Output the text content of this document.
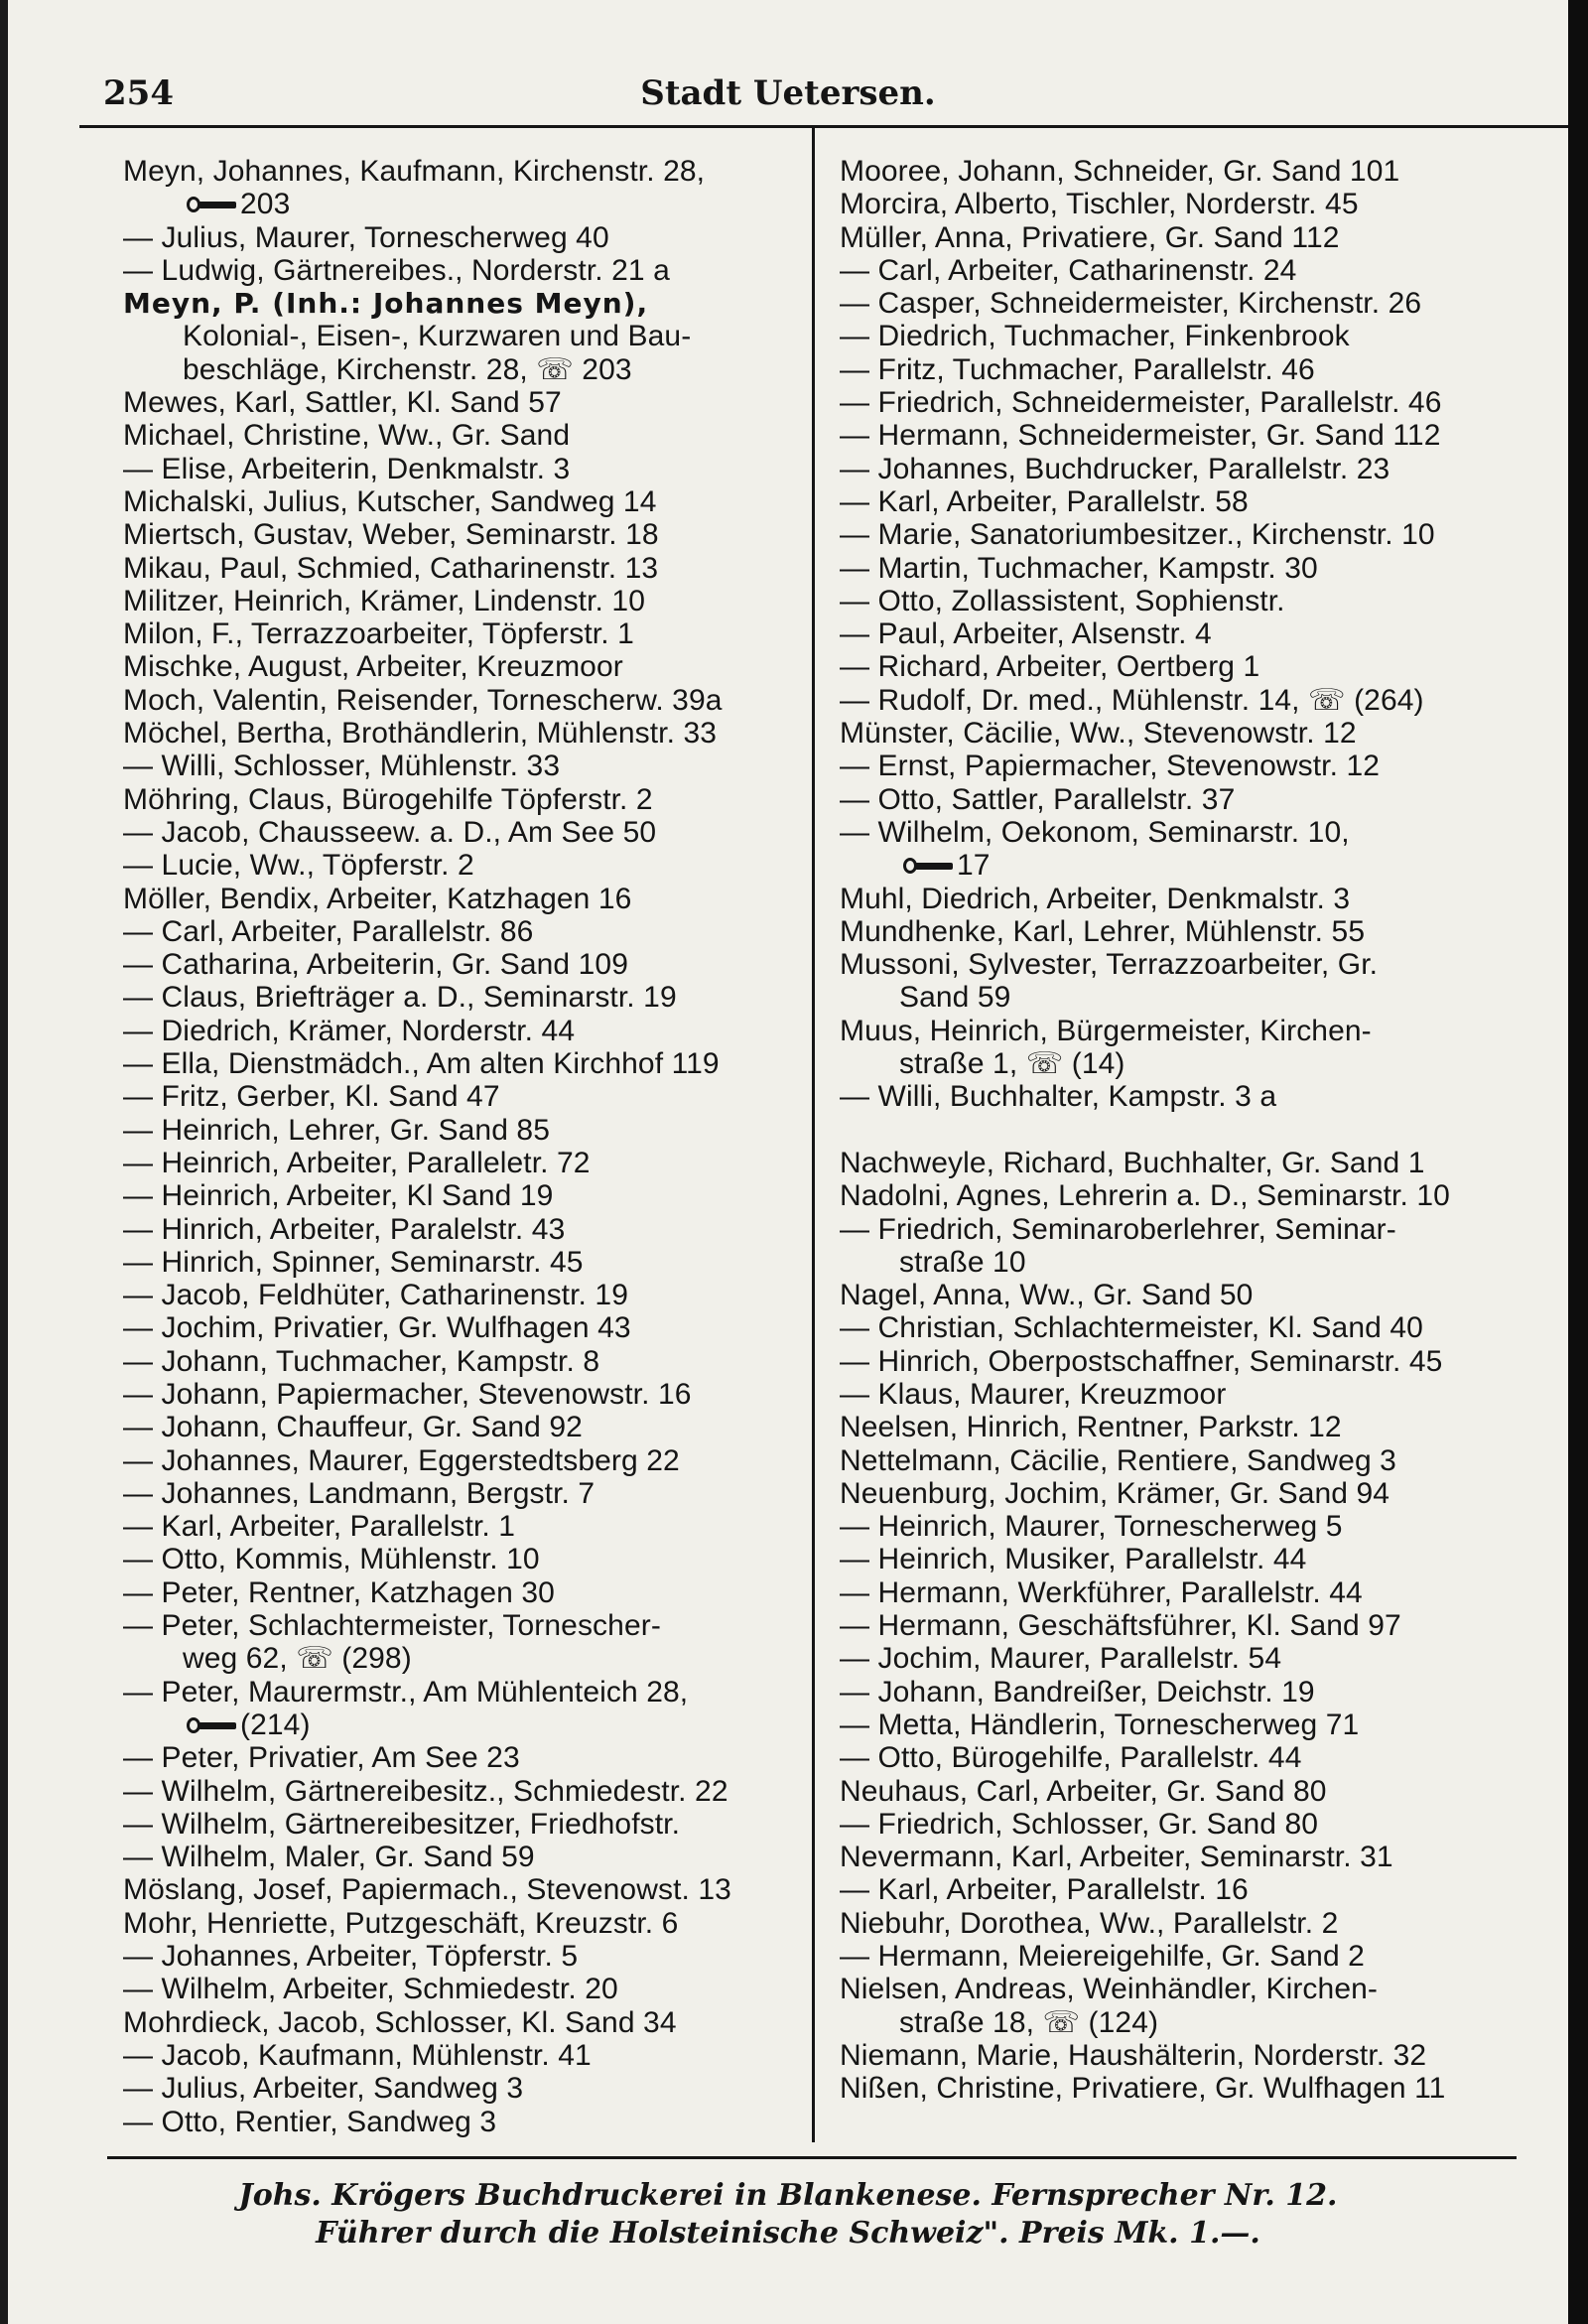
254	Stadt Uetersen.
Meyn, Johannes, Kaufmann, Kirchenstr. 28,
203
— Julius, Maurer, Tornescherweg 40
— Ludwig, Gärtnereibes., Norderstr. 21 a
Meyn, P. (Inh.: Johannes Meyn),
Kolonial-, Eisen-, Kurzwaren und Bau-
beschläge, Kirchenstr. 28, ☏ 203
Mewes, Karl, Sattler, Kl. Sand 57
Michael, Christine, Ww., Gr. Sand
— Elise, Arbeiterin, Denkmalstr. 3
Michalski, Julius, Kutscher, Sandweg 14
Miertsch, Gustav, Weber, Seminarstr. 18
Mikau, Paul, Schmied, Catharinenstr. 13
Militzer, Heinrich, Krämer, Lindenstr. 10
Milon, F., Terrazzoarbeiter, Töpferstr. 1
Mischke, August, Arbeiter, Kreuzmoor
Moch, Valentin, Reisender, Tornescherw. 39a
Möchel, Bertha, Brothändlerin, Mühlenstr. 33
— Willi, Schlosser, Mühlenstr. 33
Möhring, Claus, Bürogehilfe Töpferstr. 2
— Jacob, Chausseew. a. D., Am See 50
— Lucie, Ww., Töpferstr. 2
Möller, Bendix, Arbeiter, Katzhagen 16
— Carl, Arbeiter, Parallelstr. 86
— Catharina, Arbeiterin, Gr. Sand 109
— Claus, Briefträger a. D., Seminarstr. 19
— Diedrich, Krämer, Norderstr. 44
— Ella, Dienstmädch., Am alten Kirchhof 119
— Fritz, Gerber, Kl. Sand 47
— Heinrich, Lehrer, Gr. Sand 85
— Heinrich, Arbeiter, Paralleletr. 72
— Heinrich, Arbeiter, Kl Sand 19
— Hinrich, Arbeiter, Paralelstr. 43
— Hinrich, Spinner, Seminarstr. 45
— Jacob, Feldhüter, Catharinenstr. 19
— Jochim, Privatier, Gr. Wulfhagen 43
— Johann, Tuchmacher, Kampstr. 8
— Johann, Papiermacher, Stevenowstr. 16
— Johann, Chauffeur, Gr. Sand 92
— Johannes, Maurer, Eggerstedtsberg 22
— Johannes, Landmann, Bergstr. 7
— Karl, Arbeiter, Parallelstr. 1
— Otto, Kommis, Mühlenstr. 10
— Peter, Rentner, Katzhagen 30
— Peter, Schlachtermeister, Tornescher-
weg 62, ☏ (298)
— Peter, Maurermstr., Am Mühlenteich 28,
(214)
— Peter, Privatier, Am See 23
— Wilhelm, Gärtnereibesitz., Schmiedestr. 22
— Wilhelm, Gärtnereibesitzer, Friedhofstr.
— Wilhelm, Maler, Gr. Sand 59
Möslang, Josef, Papiermach., Stevenowst. 13
Mohr, Henriette, Putzgeschäft, Kreuzstr. 6
— Johannes, Arbeiter, Töpferstr. 5
— Wilhelm, Arbeiter, Schmiedestr. 20
Mohrdieck, Jacob, Schlosser, Kl. Sand 34
— Jacob, Kaufmann, Mühlenstr. 41
— Julius, Arbeiter, Sandweg 3
— Otto, Rentier, Sandweg 3
Mooree, Johann, Schneider, Gr. Sand 101
Morcira, Alberto, Tischler, Norderstr. 45
Müller, Anna, Privatiere, Gr. Sand 112
— Carl, Arbeiter, Catharinenstr. 24
— Casper, Schneidermeister, Kirchenstr. 26
— Diedrich, Tuchmacher, Finkenbrook
— Fritz, Tuchmacher, Parallelstr. 46
— Friedrich, Schneidermeister, Parallelstr. 46
— Hermann, Schneidermeister, Gr. Sand 112
— Johannes, Buchdrucker, Parallelstr. 23
— Karl, Arbeiter, Parallelstr. 58
— Marie, Sanatoriumbesitzer., Kirchenstr. 10
— Martin, Tuchmacher, Kampstr. 30
— Otto, Zollassistent, Sophienstr.
— Paul, Arbeiter, Alsenstr. 4
— Richard, Arbeiter, Oertberg 1
— Rudolf, Dr. med., Mühlenstr. 14, ☏ (264)
Münster, Cäcilie, Ww., Stevenowstr. 12
— Ernst, Papiermacher, Stevenowstr. 12
— Otto, Sattler, Parallelstr. 37
— Wilhelm, Oekonom, Seminarstr. 10,
17
Muhl, Diedrich, Arbeiter, Denkmalstr. 3
Mundhenke, Karl, Lehrer, Mühlenstr. 55
Mussoni, Sylvester, Terrazzoarbeiter, Gr.
Sand 59
Muus, Heinrich, Bürgermeister, Kirchen-
straße 1, ☏ (14)
— Willi, Buchhalter, Kampstr. 3 a
Nachweyle, Richard, Buchhalter, Gr. Sand 1
Nadolni, Agnes, Lehrerin a. D., Seminarstr. 10
— Friedrich, Seminaroberlehrer, Seminar-
straße 10
Nagel, Anna, Ww., Gr. Sand 50
— Christian, Schlachtermeister, Kl. Sand 40
— Hinrich, Oberpostschaffner, Seminarstr. 45
— Klaus, Maurer, Kreuzmoor
Neelsen, Hinrich, Rentner, Parkstr. 12
Nettelmann, Cäcilie, Rentiere, Sandweg 3
Neuenburg, Jochim, Krämer, Gr. Sand 94
— Heinrich, Maurer, Tornescherweg 5
— Heinrich, Musiker, Parallelstr. 44
— Hermann, Werkführer, Parallelstr. 44
— Hermann, Geschäftsführer, Kl. Sand 97
— Jochim, Maurer, Parallelstr. 54
— Johann, Bandreißer, Deichstr. 19
— Metta, Händlerin, Tornescherweg 71
— Otto, Bürogehilfe, Parallelstr. 44
Neuhaus, Carl, Arbeiter, Gr. Sand 80
— Friedrich, Schlosser, Gr. Sand 80
Nevermann, Karl, Arbeiter, Seminarstr. 31
— Karl, Arbeiter, Parallelstr. 16
Niebuhr, Dorothea, Ww., Parallelstr. 2
— Hermann, Meiereigehilfe, Gr. Sand 2
Nielsen, Andreas, Weinhändler, Kirchen-
straße 18, ☏ (124)
Niemann, Marie, Haushälterin, Norderstr. 32
Nißen, Christine, Privatiere, Gr. Wulfhagen 11
Johs. Krögers Buchdruckerei in Blankenese. Fernsprecher Nr. 12.
Führer durch die Holsteinische Schweiz". Preis Mk. 1.—.
